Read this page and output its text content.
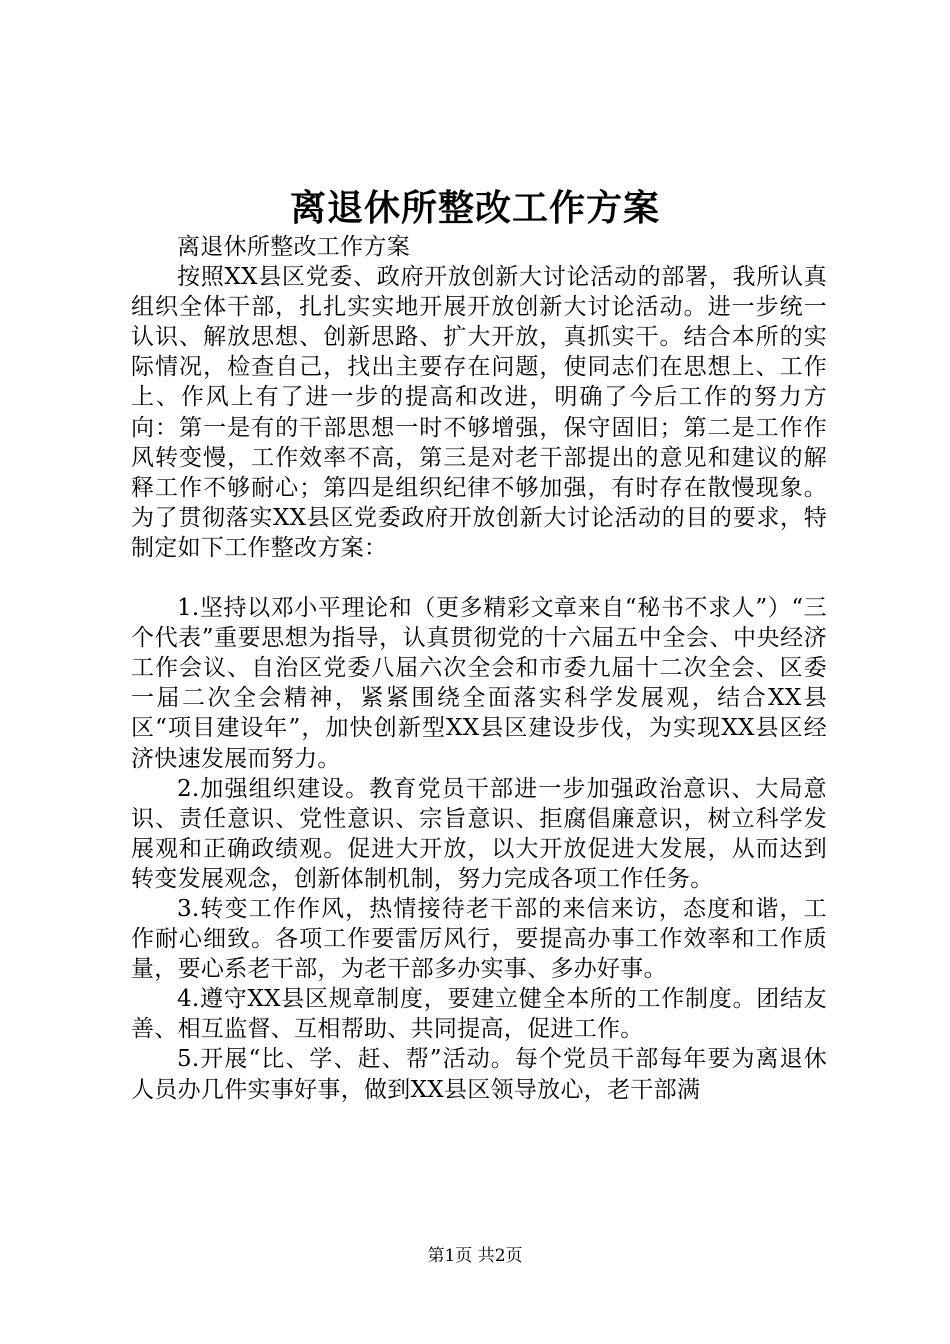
离退休所整改工作方案

离退休所整改工作方案

按照XX县区党委、政府开放创新大讨论活动的部署，我所认真组织全体干部，扎扎实实地开展开放创新大讨论活动。进一步统一认识、解放思想、创新思路、扩大开放，真抓实干。结合本所的实际情况，检查自己，找出主要存在问题，使同志们在思想上、工作上、作风上有了进一步的提高和改进，明确了今后工作的努力方向：第一是有的干部思想一时不够增强，保守固旧；第二是工作作风转变慢，工作效率不高，第三是对老干部提出的意见和建议的解释工作不够耐心；第四是组织纪律不够加强，有时存在散慢现象。为了贯彻落实XX县区党委政府开放创新大讨论活动的目的要求，特制定如下工作整改方案：

1.坚持以邓小平理论和（更多精彩文章来自“秘书不求人”）“三个代表”重要思想为指导，认真贯彻党的十六届五中全会、中央经济工作会议、自治区党委八届六次全会和市委九届十二次全会、区委一届二次全会精神，紧紧围绕全面落实科学发展观，结合XX县区“项目建设年”，加快创新型XX县区建设步伐，为实现XX县区经济快速发展而努力。

2.加强组织建设。教育党员干部进一步加强政治意识、大局意识、责任意识、党性意识、宗旨意识、拒腐倡廉意识，树立科学发展观和正确政绩观。促进大开放，以大开放促进大发展，从而达到转变发展观念，创新体制机制，努力完成各项工作任务。

3.转变工作作风，热情接待老干部的来信来访，态度和谐，工作耐心细致。各项工作要雷厉风行，要提高办事工作效率和工作质量，要心系老干部，为老干部多办实事、多办好事。

4.遵守XX县区规章制度，要建立健全本所的工作制度。团结友善、相互监督、互相帮助、共同提高，促进工作。

5.开展“比、学、赶、帮”活动。每个党员干部每年要为离退休人员办几件实事好事，做到XX县区领导放心，老干部满

第1页 共2页
